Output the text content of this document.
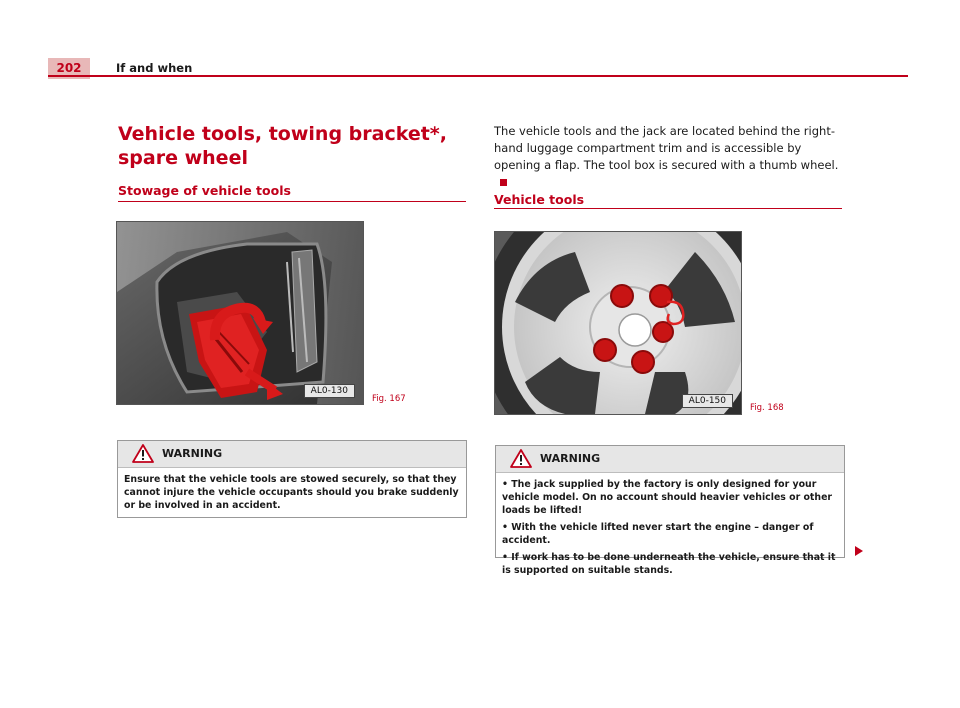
202	If and when
Vehicle tools, towing bracket*,
spare wheel
Stowage of vehicle tools
AL0-130
Fig. 167
WARNING
Ensure that the vehicle tools are stowed securely, so that they cannot injure the vehicle occupants should you brake suddenly or be involved in an accident.
The vehicle tools and the jack are located behind the right-hand luggage compartment trim and is accessible by opening a flap. The tool box is secured with a thumb wheel.
Vehicle tools
AL0-150
Fig. 168
WARNING
• The jack supplied by the factory is only designed for your vehicle model. On no account should heavier vehicles or other loads be lifted!
• With the vehicle lifted never start the engine – danger of accident.
• If work has to be done underneath the vehicle, ensure that it is supported on suitable stands.
